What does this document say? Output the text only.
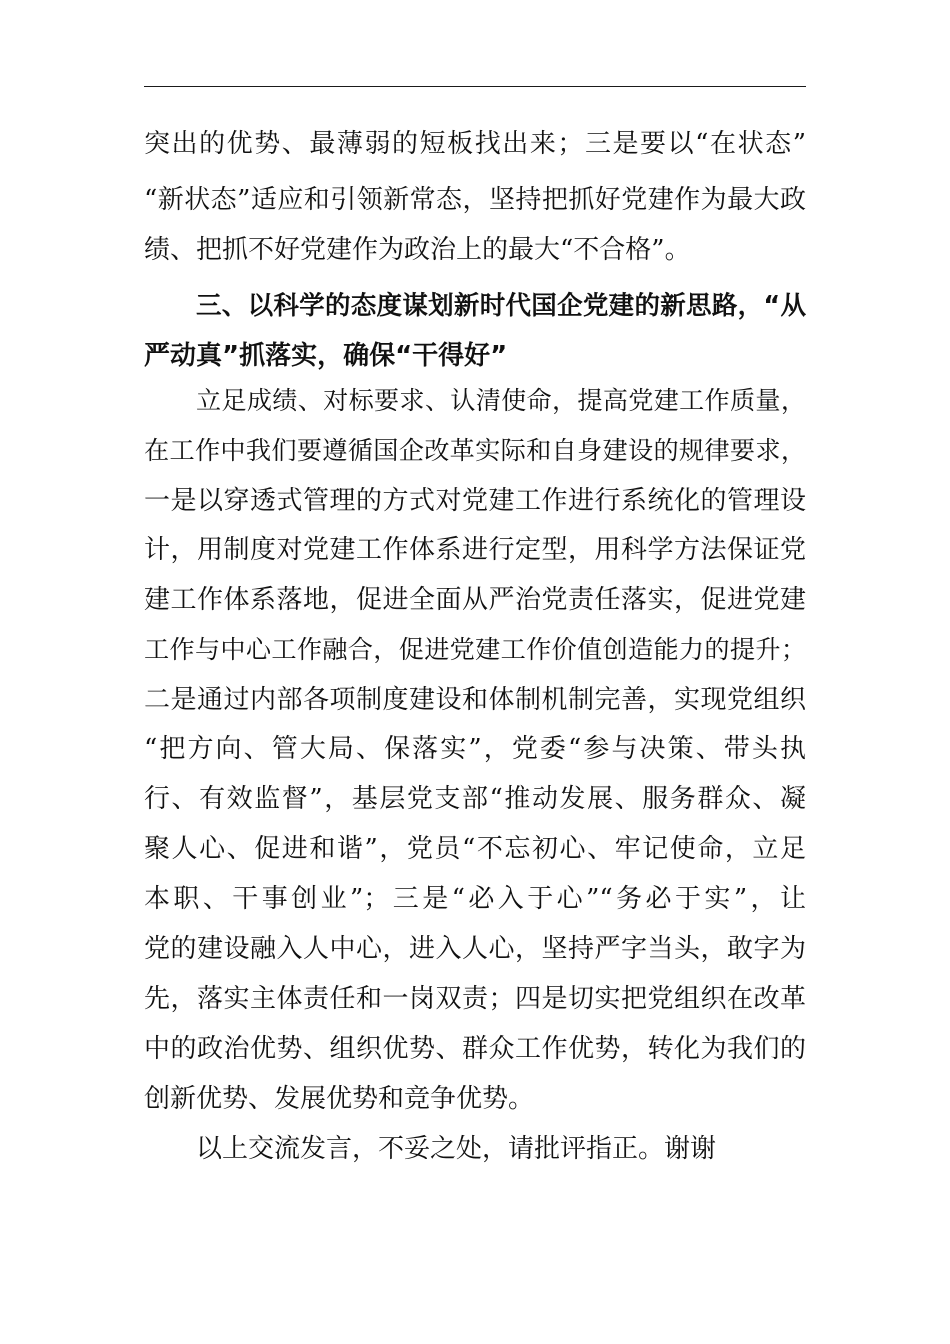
突出的优势、最薄弱的短板找出来；三是要以“在状态”
“新状态”适应和引领新常态，坚持把抓好党建作为最大政
绩、把抓不好党建作为政治上的最大“不合格”。
三、以科学的态度谋划新时代国企党建的新思路，“从
严动真”抓落实，确保“干得好”
立足成绩、对标要求、认清使命，提高党建工作质量，
在工作中我们要遵循国企改革实际和自身建设的规律要求，
一是以穿透式管理的方式对党建工作进行系统化的管理设
计，用制度对党建工作体系进行定型，用科学方法保证党
建工作体系落地，促进全面从严治党责任落实，促进党建
工作与中心工作融合，促进党建工作价值创造能力的提升；
二是通过内部各项制度建设和体制机制完善，实现党组织
“把方向、管大局、保落实”，党委“参与决策、带头执
行、有效监督”，基层党支部“推动发展、服务群众、凝
聚人心、促进和谐”，党员“不忘初心、牢记使命，立足
本职、干事创业”；三是“必入于心”“务必于实”，让
党的建设融入人中心，进入人心，坚持严字当头，敢字为
先，落实主体责任和一岗双责；四是切实把党组织在改革
中的政治优势、组织优势、群众工作优势，转化为我们的
创新优势、发展优势和竞争优势。
以上交流发言，不妥之处，请批评指正。谢谢
